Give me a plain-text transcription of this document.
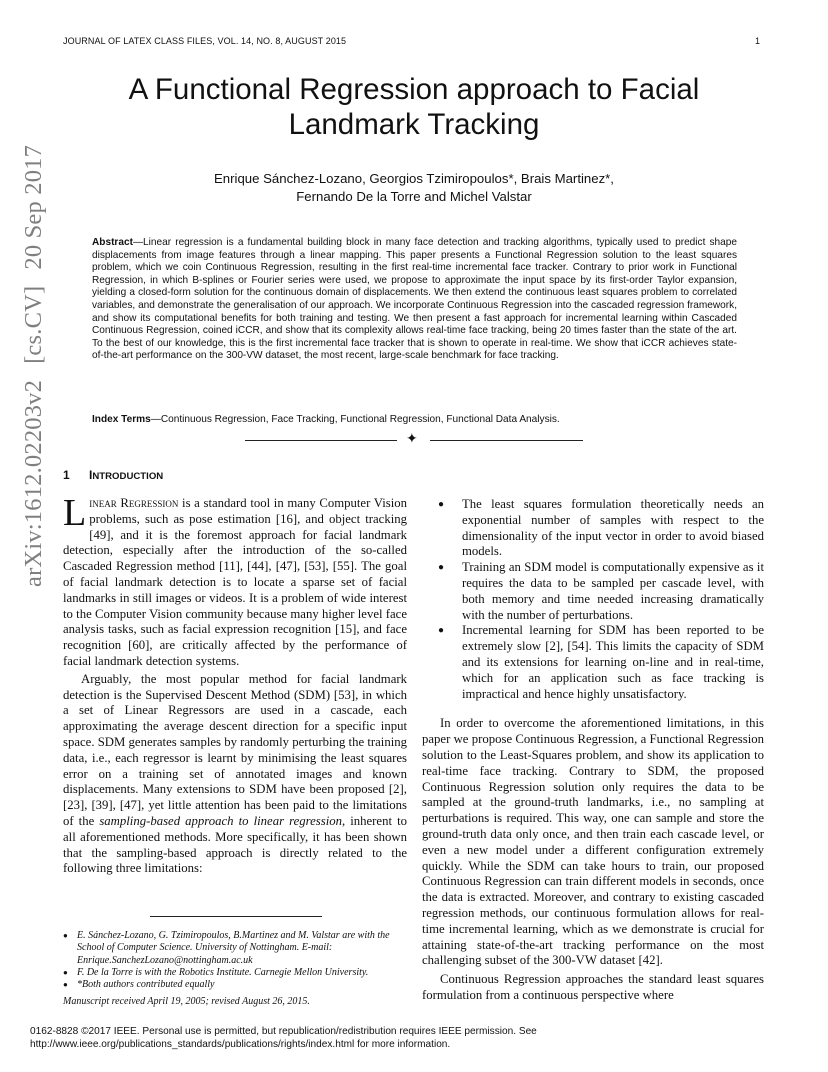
JOURNAL OF LATEX CLASS FILES, VOL. 14, NO. 8, AUGUST 2015	1
A Functional Regression approach to Facial Landmark Tracking
Enrique Sánchez-Lozano, Georgios Tzimiropoulos*, Brais Martinez*,
Fernando De la Torre and Michel Valstar
Abstract—Linear regression is a fundamental building block in many face detection and tracking algorithms, typically used to predict shape displacements from image features through a linear mapping. This paper presents a Functional Regression solution to the least squares problem, which we coin Continuous Regression, resulting in the first real-time incremental face tracker. Contrary to prior work in Functional Regression, in which B-splines or Fourier series were used, we propose to approximate the input space by its first-order Taylor expansion, yielding a closed-form solution for the continuous domain of displacements. We then extend the continuous least squares problem to correlated variables, and demonstrate the generalisation of our approach. We incorporate Continuous Regression into the cascaded regression framework, and show its computational benefits for both training and testing. We then present a fast approach for incremental learning within Cascaded Continuous Regression, coined iCCR, and show that its complexity allows real-time face tracking, being 20 times faster than the state of the art. To the best of our knowledge, this is the first incremental face tracker that is shown to operate in real-time. We show that iCCR achieves state-of-the-art performance on the 300-VW dataset, the most recent, large-scale benchmark for face tracking.
Index Terms—Continuous Regression, Face Tracking, Functional Regression, Functional Data Analysis.
✦
1 INTRODUCTION

Linear Regression is a standard tool in many Computer Vision problems, such as pose estimation [16], and object tracking [49], and it is the foremost approach for facial landmark detection, especially after the introduction of the so-called Cascaded Regression method [11], [44], [47], [53], [55]. The goal of facial landmark detection is to locate a sparse set of facial landmarks in still images or videos. It is a problem of wide interest to the Computer Vision community because many higher level face analysis tasks, such as facial expression recognition [15], and face recognition [60], are critically affected by the performance of facial landmark detection systems.

Arguably, the most popular method for facial landmark detection is the Supervised Descent Method (SDM) [53], in which a set of Linear Regressors are used in a cascade, each approximating the average descent direction for a specific input space. SDM generates samples by randomly perturbing the training data, i.e., each regressor is learnt by minimising the least squares error on a training set of annotated images and known displacements. Many extensions to SDM have been proposed [2], [23], [39], [47], yet little attention has been paid to the limitations of the sampling-based approach to linear regression, inherent to all aforementioned methods. More specifically, it has been shown that the sampling-based approach is directly related to the following three limitations:

● E. Sánchez-Lozano, G. Tzimiropoulos, B.Martinez and M. Valstar are with the School of Computer Science. University of Nottingham. E-mail: Enrique.SanchezLozano@nottingham.ac.uk
● F. De la Torre is with the Robotics Institute. Carnegie Mellon University.
● *Both authors contributed equally
Manuscript received April 19, 2005; revised August 26, 2015.
● The least squares formulation theoretically needs an exponential number of samples with respect to the dimensionality of the input vector in order to avoid biased models.
● Training an SDM model is computationally expensive as it requires the data to be sampled per cascade level, with both memory and time needed increasing dramatically with the number of perturbations.
● Incremental learning for SDM has been reported to be extremely slow [2], [54]. This limits the capacity of SDM and its extensions for learning on-line and in real-time, which for an application such as face tracking is impractical and hence highly unsatisfactory.

In order to overcome the aforementioned limitations, in this paper we propose Continuous Regression, a Functional Regression solution to the Least-Squares problem, and show its application to real-time face tracking. Contrary to SDM, the proposed Continuous Regression solution only requires the data to be sampled at the ground-truth landmarks, i.e., no sampling at perturbations is required. This way, one can sample and store the ground-truth data only once, and then train each cascade level, or even a new model under a different configuration extremely quickly. While the SDM can take hours to train, our proposed Continuous Regression can train different models in seconds, once the data is extracted. Moreover, and contrary to existing cascaded regression methods, our continuous formulation allows for real-time incremental learning, which as we demonstrate is crucial for attaining state-of-the-art tracking performance on the most challenging subset of the 300-VW dataset [42].

Continuous Regression approaches the standard least squares formulation from a continuous perspective where

0162-8828 ©2017 IEEE. Personal use is permitted, but republication/redistribution requires IEEE permission. See http://www.ieee.org/publications_standards/publications/rights/index.html for more information.
arXiv:1612.02203v2[cs.CV]20 Sep 2017
